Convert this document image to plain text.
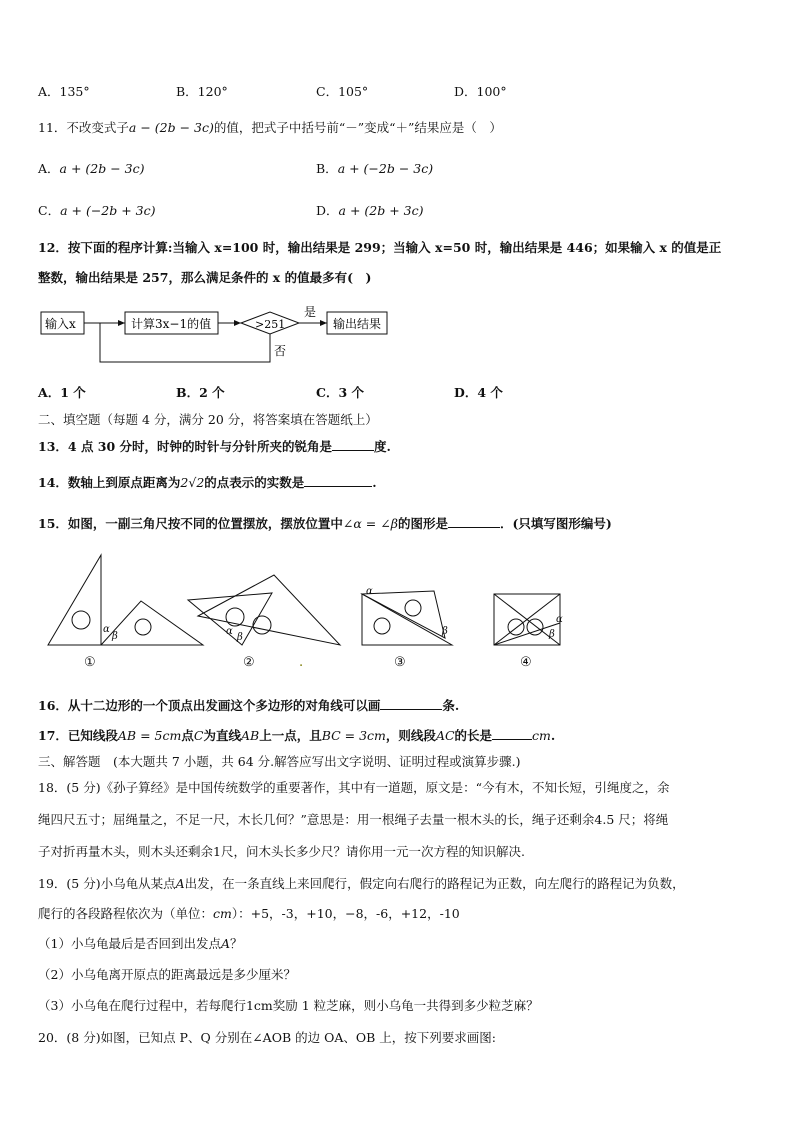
A．135°	B．120°	C．105°	D．100°
11．不改变式子a − (2b − 3c)的值，把式子中括号前“－”变成“＋”结果应是（　）
A．a + (2b − 3c)	B．a + (−2b − 3c)
C．a + (−2b + 3c)	D．a + (2b + 3c)
12．按下面的程序计算:当输入 x=100 时，输出结果是 299；当输入 x=50 时，输出结果是 446；如果输入 x 的值是正
整数，输出结果是 257，那么满足条件的 x 的值最多有(　)
输入x	计算3x−1的值	>251	输出结果
是
否
A．1 个	B．2 个	C．3 个	D．4 个
二、填空题（每题 4 分，满分 20 分，将答案填在答题纸上）
13．4 点 30 分时，时钟的时针与分针所夹的锐角是	度.
14．数轴上到原点距离为2√2的点表示的实数是	.
15．如图，一副三角尺按不同的位置摆放，摆放位置中∠α = ∠β的图形是	．(只填写图形编号)
α
β	α
β
α
β
α
β
①	②	③	④
.
16．从十二边形的一个顶点出发画这个多边形的对角线可以画	条.
17．已知线段AB = 5cm点C为直线AB上一点，且BC = 3cm，则线段AC的长是	cm.
三、解答题　(本大题共 7 小题，共 64 分.解答应写出文字说明、证明过程或演算步骤.)
18．(5 分)《孙子算经》是中国传统数学的重要著作，其中有一道题，原文是：“今有木，不知长短，引绳度之，余
绳四尺五寸；屈绳量之，不足一尺，木长几何？”意思是：用一根绳子去量一根木头的长，绳子还剩余4.5 尺；将绳
子对折再量木头，则木头还剩余1尺，问木头长多少尺？请你用一元一次方程的知识解决.
19．(5 分)小乌龟从某点A出发，在一条直线上来回爬行，假定向右爬行的路程记为正数，向左爬行的路程记为负数，
爬行的各段路程依次为（单位：cm）：+5，-3，+10，−8，-6，+12，-10
（1）小乌龟最后是否回到出发点A？
（2）小乌龟离开原点的距离最远是多少厘米？
（3）小乌龟在爬行过程中，若每爬行1cm奖励 1 粒芝麻，则小乌龟一共得到多少粒芝麻？
20．(8 分)如图，已知点 P、Q 分别在∠AOB 的边 OA、OB 上，按下列要求画图:
